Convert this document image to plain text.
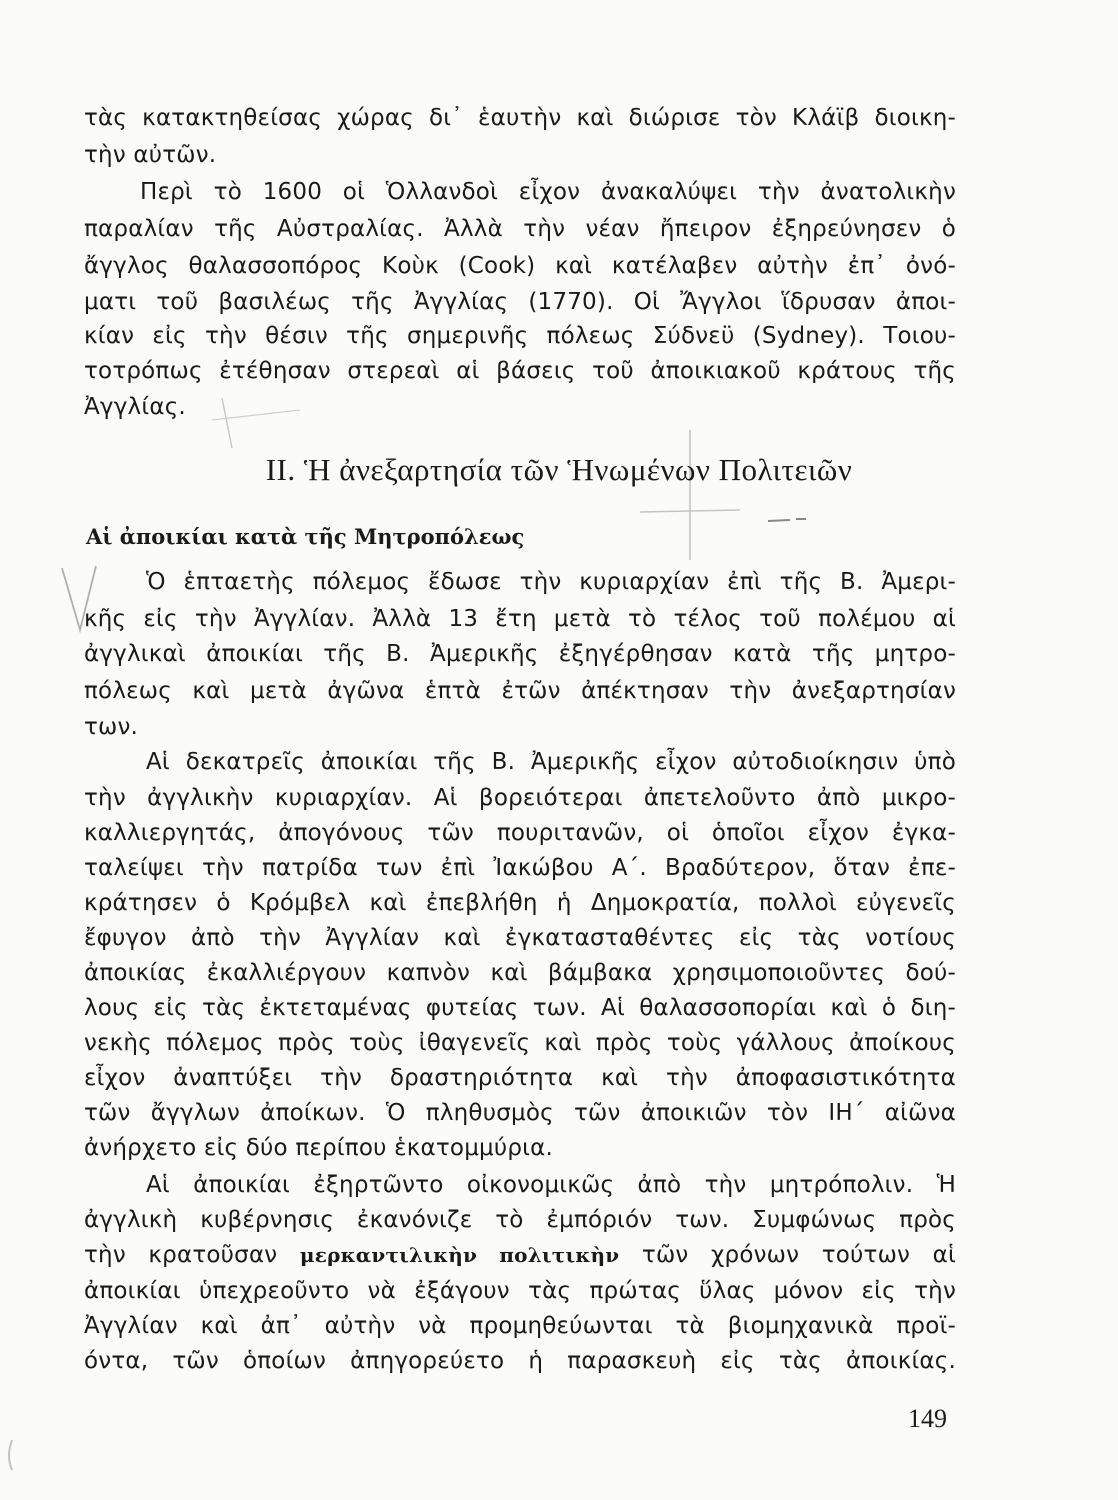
τὰς κατακτηθείσας χώρας δι᾿ ἑαυτὴν καὶ διώρισε τὸν Κλάϊβ διοικη-
τὴν αὐτῶν.
Περὶ τὸ 1600 οἱ Ὁλλανδοὶ εἶχον ἀνακαλύψει τὴν ἀνατολικὴν
παραλίαν τῆς Αὐστραλίας. Ἀλλὰ τὴν νέαν ἤπειρον ἐξηρεύνησεν ὁ
ἄγγλος θαλασσοπόρος Κοὺκ (Cook) καὶ κατέλαβεν αὐτὴν ἐπ᾿ ὀνό-
ματι τοῦ βασιλέως τῆς Ἀγγλίας (1770). Οἱ Ἄγγλοι ἵδρυσαν ἀποι-
κίαν εἰς τὴν θέσιν τῆς σημερινῆς πόλεως Σύδνεϋ (Sydney). Τοιου-
τοτρόπως ἐτέθησαν στερεαὶ αἱ βάσεις τοῦ ἀποικιακοῦ κράτους τῆς
Ἀγγλίας.
II. Ἡ ἀνεξαρτησία τῶν Ἡνωμένων Πολιτειῶν
Αἱ ἀποικίαι κατὰ τῆς Μητροπόλεως
Ὁ ἑπταετὴς πόλεμος ἔδωσε τὴν κυριαρχίαν ἐπὶ τῆς Β. Ἀμερι-
κῆς εἰς τὴν Ἀγγλίαν. Ἀλλὰ 13 ἔτη μετὰ τὸ τέλος τοῦ πολέμου αἱ
ἀγγλικαὶ ἀποικίαι τῆς Β. Ἀμερικῆς ἐξηγέρθησαν κατὰ τῆς μητρο-
πόλεως καὶ μετὰ ἀγῶνα ἑπτὰ ἐτῶν ἀπέκτησαν τὴν ἀνεξαρτησίαν
των.
Αἱ δεκατρεῖς ἀποικίαι τῆς Β. Ἀμερικῆς εἶχον αὐτοδιοίκησιν ὑπὸ
τὴν ἀγγλικὴν κυριαρχίαν. Αἱ βορειότεραι ἀπετελοῦντο ἀπὸ μικρο-
καλλιεργητάς, ἀπογόνους τῶν πουριτανῶν, οἱ ὁποῖοι εἶχον ἐγκα-
ταλείψει τὴν πατρίδα των ἐπὶ Ἰακώβου Α΄. Βραδύτερον, ὅταν ἐπε-
κράτησεν ὁ Κρόμβελ καὶ ἐπεβλήθη ἡ Δημοκρατία, πολλοὶ εὐγενεῖς
ἔφυγον ἀπὸ τὴν Ἀγγλίαν καὶ ἐγκατασταθέντες εἰς τὰς νοτίους
ἀποικίας ἐκαλλιέργουν καπνὸν καὶ βάμβακα χρησιμοποιοῦντες δού-
λους εἰς τὰς ἐκτεταμένας φυτείας των. Αἱ θαλασσοπορίαι καὶ ὁ διη-
νεκὴς πόλεμος πρὸς τοὺς ἰθαγενεῖς καὶ πρὸς τοὺς γάλλους ἀποίκους
εἶχον ἀναπτύξει τὴν δραστηριότητα καὶ τὴν ἀποφασιστικότητα
τῶν ἄγγλων ἀποίκων. Ὁ πληθυσμὸς τῶν ἀποικιῶν τὸν ΙΗ΄ αἰῶνα
ἀνήρχετο εἰς δύο περίπου ἑκατομμύρια.
Αἱ ἀποικίαι ἐξηρτῶντο οἰκονομικῶς ἀπὸ τὴν μητρόπολιν. Ἡ
ἀγγλικὴ κυβέρνησις ἐκανόνιζε τὸ ἐμπόριόν των. Συμφώνως πρὸς
τὴν κρατοῦσαν μερκαντιλικὴν πολιτικὴν τῶν χρόνων τούτων αἱ
ἀποικίαι ὑπεχρεοῦντο νὰ ἐξάγουν τὰς πρώτας ὕλας μόνον εἰς τὴν
Ἀγγλίαν καὶ ἀπ᾿ αὐτὴν νὰ προμηθεύωνται τὰ βιομηχανικὰ προϊ-
όντα, τῶν ὁποίων ἀπηγορεύετο ἡ παρασκευὴ εἰς τὰς ἀποικίας.
149
